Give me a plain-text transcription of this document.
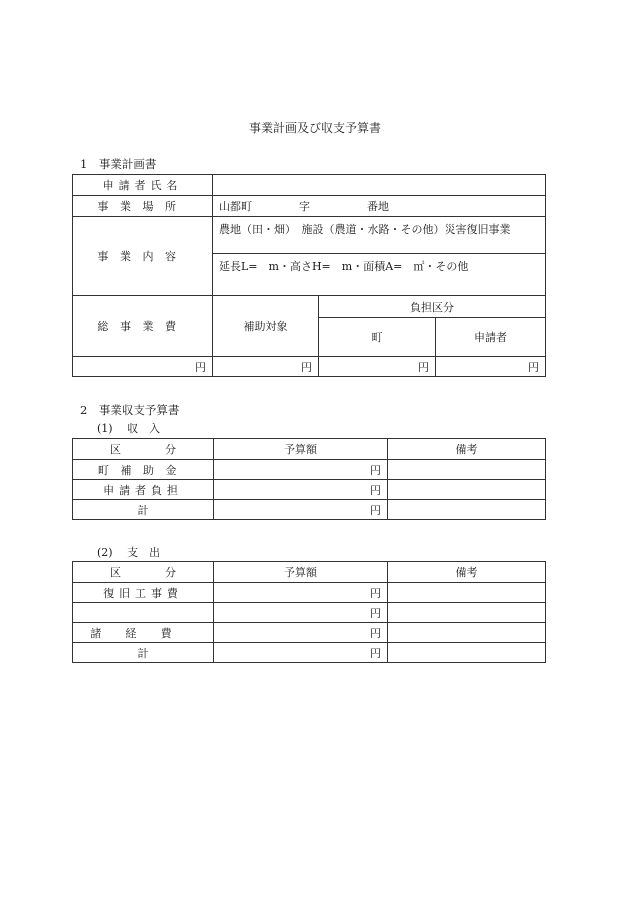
事業計画及び収支予算書
1　事業計画書
申請者氏名			
事業場所	山都町 字 番地		
事業内容	農地（田・畑）　施設（農道・水路・その他）災害復旧事業		
	延長L=　m・高さH=　m・面積A=　㎡・その他		
総事業費	補助対象	負担区分	
		町	申請者
円	円	円	円
2　事業収支予算書
(1)　 収　入
区　　　　分	予算額	備考
町補助金	円	
申請者負担	円	
計	円	
(2)　 支　出
区　　　　分	予算額	備考
復旧工事費	円	
	円	
諸経費	円	
計	円	
